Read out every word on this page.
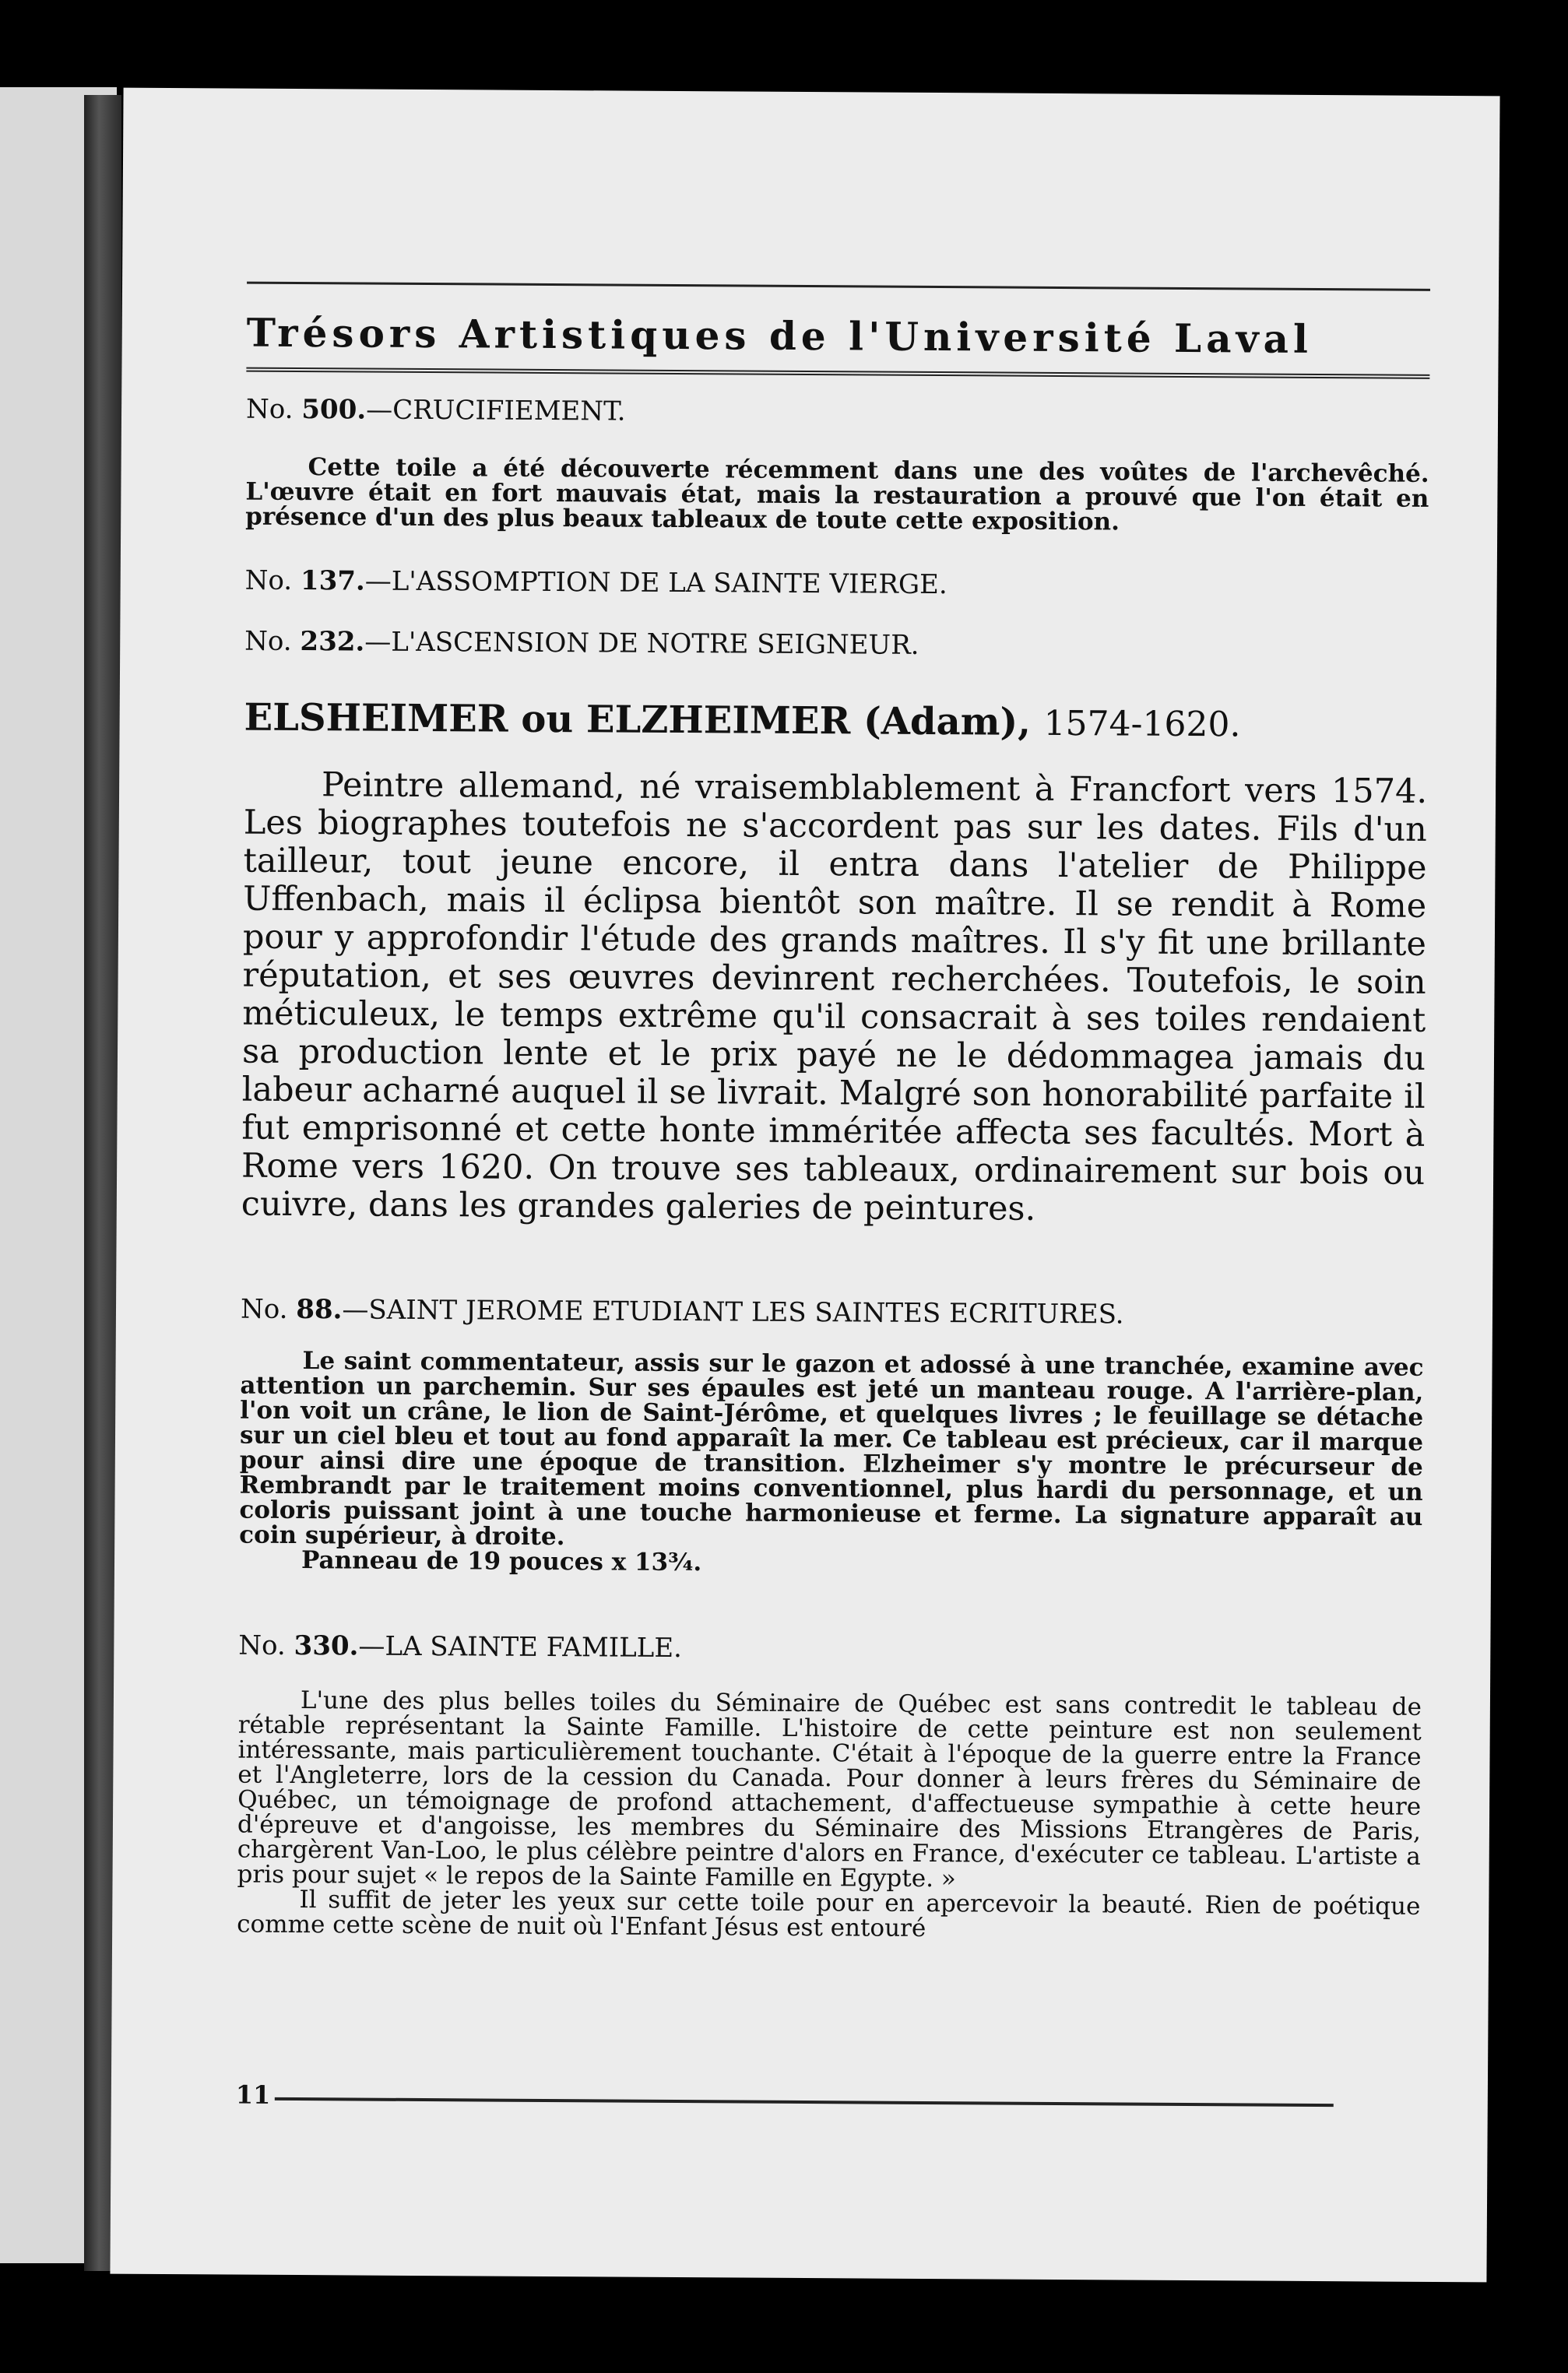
Trésors Artistiques de l'Université Laval
No. 500.—CRUCIFIEMENT.

Cette toile a été découverte récemment dans une des voûtes de l'archevêché. L'œuvre était en fort mauvais état, mais la restauration a prouvé que l'on était en présence d'un des plus beaux tableaux de toute cette exposition.

No. 137.—L'ASSOMPTION DE LA SAINTE VIERGE.
No. 232.—L'ASCENSION DE NOTRE SEIGNEUR.
ELSHEIMER ou ELZHEIMER (Adam), 1574-1620.

Peintre allemand, né vraisemblablement à Francfort vers 1574. Les biographes toutefois ne s'accordent pas sur les dates. Fils d'un tailleur, tout jeune encore, il entra dans l'atelier de Philippe Uffenbach, mais il éclipsa bientôt son maître. Il se rendit à Rome pour y approfondir l'étude des grands maîtres. Il s'y fit une brillante réputation, et ses œuvres devinrent recherchées. Toutefois, le soin méticuleux, le temps extrême qu'il consacrait à ses toiles rendaient sa production lente et le prix payé ne le dédommagea jamais du labeur acharné auquel il se livrait. Malgré son honorabilité parfaite il fut emprisonné et cette honte imméritée affecta ses facultés. Mort à Rome vers 1620. On trouve ses tableaux, ordinairement sur bois ou cuivre, dans les grandes galeries de peintures.

No. 88.—SAINT JEROME ETUDIANT LES SAINTES ECRITURES.

Le saint commentateur, assis sur le gazon et adossé à une tranchée, examine avec attention un parchemin. Sur ses épaules est jeté un manteau rouge. A l'arrière-plan, l'on voit un crâne, le lion de Saint-Jérôme, et quelques livres ; le feuillage se détache sur un ciel bleu et tout au fond apparaît la mer. Ce tableau est précieux, car il marque pour ainsi dire une époque de transition. Elzheimer s'y montre le précurseur de Rembrandt par le traitement moins conventionnel, plus hardi du personnage, et un coloris puissant joint à une touche harmonieuse et ferme. La signature apparaît au coin supérieur, à droite.

Panneau de 19 pouces x 13¾.

No. 330.—LA SAINTE FAMILLE.

L'une des plus belles toiles du Séminaire de Québec est sans contredit le tableau de rétable représentant la Sainte Famille. L'histoire de cette peinture est non seulement intéressante, mais particulièrement touchante. C'était à l'époque de la guerre entre la France et l'Angleterre, lors de la cession du Canada. Pour donner à leurs frères du Séminaire de Québec, un témoignage de profond attachement, d'affectueuse sympathie à cette heure d'épreuve et d'angoisse, les membres du Séminaire des Missions Etrangères de Paris, chargèrent Van-Loo, le plus célèbre peintre d'alors en France, d'exécuter ce tableau. L'artiste a pris pour sujet « le repos de la Sainte Famille en Egypte. »

Il suffit de jeter les yeux sur cette toile pour en apercevoir la beauté. Rien de poétique comme cette scène de nuit où l'Enfant Jésus est entouré

11
